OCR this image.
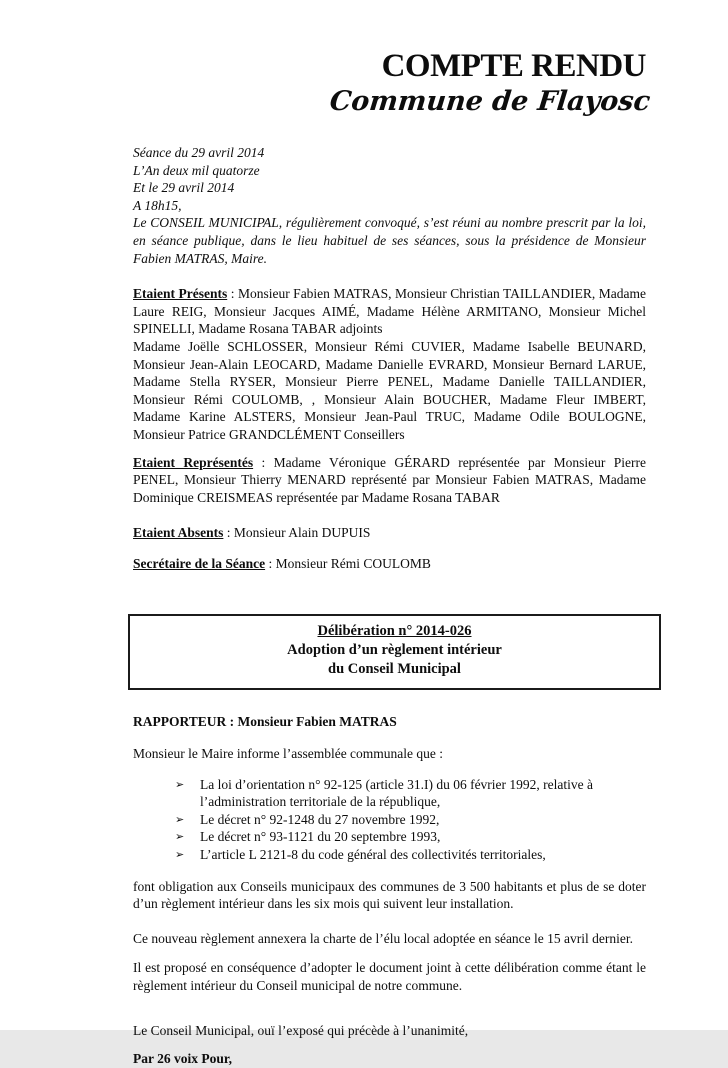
COMPTE RENDU
Commune de Flayosc
Séance du 29 avril 2014
L’An deux mil quatorze
Et le 29 avril 2014
A 18h15,
Le CONSEIL MUNICIPAL, régulièrement convoqué, s’est réuni au nombre prescrit par la loi, en séance publique, dans le lieu habituel de ses séances, sous la présidence de Monsieur Fabien MATRAS, Maire.
Etaient Présents : Monsieur Fabien MATRAS, Monsieur Christian TAILLANDIER, Madame Laure REIG, Monsieur Jacques AIMÉ, Madame Hélène ARMITANO, Monsieur Michel SPINELLI, Madame Rosana TABAR adjoints
Madame Joëlle SCHLOSSER, Monsieur Rémi CUVIER, Madame Isabelle BEUNARD, Monsieur Jean-Alain LEOCARD, Madame Danielle EVRARD, Monsieur Bernard LARUE, Madame Stella RYSER, Monsieur Pierre PENEL, Madame Danielle TAILLANDIER, Monsieur Rémi COULOMB, , Monsieur Alain BOUCHER, Madame Fleur IMBERT, Madame Karine ALSTERS, Monsieur Jean-Paul TRUC, Madame Odile BOULOGNE, Monsieur Patrice GRANDCLÉMENT Conseillers
Etaient Représentés : Madame Véronique GÉRARD représentée par Monsieur Pierre PENEL, Monsieur Thierry MENARD représenté par Monsieur Fabien MATRAS, Madame Dominique CREISMEAS représentée par Madame Rosana TABAR
Etaient Absents : Monsieur Alain DUPUIS
Secrétaire de la Séance : Monsieur Rémi COULOMB
Délibération n° 2014-026
Adoption d’un règlement intérieur
du Conseil Municipal
RAPPORTEUR : Monsieur Fabien MATRAS
Monsieur le Maire informe l’assemblée communale que :
➢ La loi d’orientation n° 92-125 (article 31.I) du 06 février 1992, relative à l’administration territoriale de la république,
➢ Le décret n° 92-1248 du 27 novembre 1992,
➢ Le décret n° 93-1121 du 20 septembre 1993,
➢ L’article L 2121-8 du code général des collectivités territoriales,
font obligation aux Conseils municipaux des communes de 3 500 habitants et plus de se doter d’un règlement intérieur dans les six mois qui suivent leur installation.
Ce nouveau règlement annexera la charte de l’élu local adoptée en séance le 15 avril dernier.
Il est proposé en conséquence d’adopter le document joint à cette délibération comme étant le règlement intérieur du Conseil municipal de notre commune.
Le Conseil Municipal, ouï l’exposé qui précède à l’unanimité,
Par 26 voix Pour,
